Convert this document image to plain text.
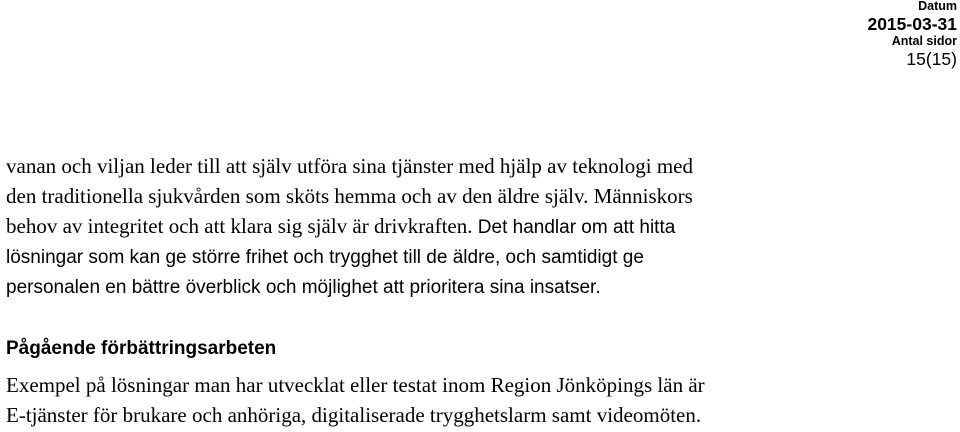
Datum
2015-03-31
Antal sidor
15(15)
vanan och viljan leder till att själv utföra sina tjänster med hjälp av teknologi med
den traditionella sjukvården som sköts hemma och av den äldre själv. Människors
behov av integritet och att klara sig själv är drivkraften. Det handlar om att hitta
lösningar som kan ge större frihet och trygghet till de äldre, och samtidigt ge
personalen en bättre överblick och möjlighet att prioritera sina insatser.
Pågående förbättringsarbeten
Exempel på lösningar man har utvecklat eller testat inom Region Jönköpings län är
E-tjänster för brukare och anhöriga, digitaliserade trygghetslarm samt videomöten.
